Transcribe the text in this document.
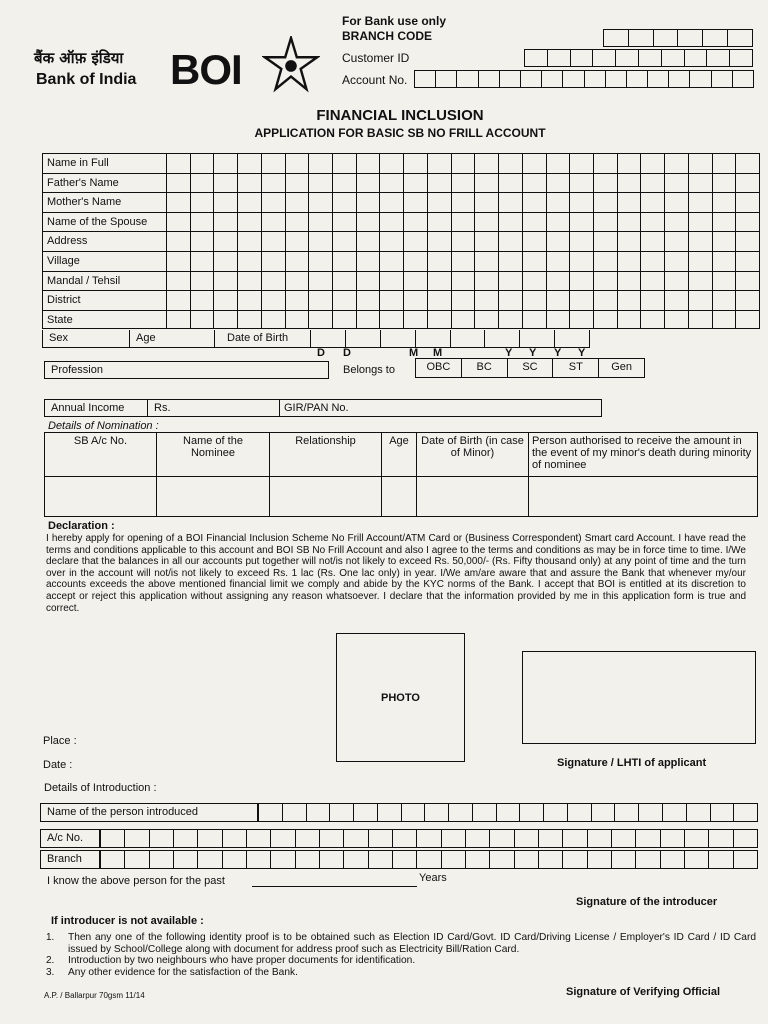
बैंक ऑफ़ इंडिया
Bank of India BOI
For Bank use only
BRANCH CODE
Customer ID
Account No.
FINANCIAL INCLUSION
APPLICATION FOR BASIC SB NO FRILL ACCOUNT
Name in Full
Father's Name
Mother's Name
Name of the Spouse
Address
Village
Mandal / Tehsil
District
State
Sex	Age	Date of Birth
D D	M M	Y Y Y Y
Profession	Belongs to	OBC	BC	SC	ST	Gen
Annual Income	Rs.	GIR/PAN No.
Details of Nomination :
SB A/c No.	Name of the Nominee	Relationship	Age	Date of Birth (in case of Minor)	Person authorised to receive the amount in the event of my minor's death during minority of nominee

Declaration :
I hereby apply for opening of a BOI Financial Inclusion Scheme No Frill Account/ATM Card or (Business Correspondent) Smart card Account. I have read the terms and conditions applicable to this account and BOI SB No Frill Account and also I agree to the terms and conditions as may be in force time to time. I/We declare that the balances in all our accounts put together will not/is not likely to exceed Rs. 50,000/- (Rs. Fifty thousand only) at any point of time and the turn over in the account will not/is not likely to exceed Rs. 1 lac (Rs. One lac only) in year. I/We am/are aware that and assure the Bank that whenever my/our accounts exceeds the above mentioned financial limit we comply and abide by the KYC norms of the Bank. I accept that BOI is entitled at its discretion to accept or reject this application without assigning any reason whatsoever. I declare that the information provided by me in this application form is true and correct.
PHOTO
Place :
Date :	Signature / LHTI of applicant
Details of Introduction :
Name of the person introduced
A/c No.
Branch
I know the above person for the past	Years
Signature of the introducer
If introducer is not available :
1.	Then any one of the following identity proof is to be obtained such as Election ID Card/Govt. ID Card/Driving License / Employer's ID Card / ID Card issued by School/College along with document for address proof such as Electricity Bill/Ration Card.
2.	Introduction by two neighbours who have proper documents for identification.
3.	Any other evidence for the satisfaction of the Bank.
A.P. / Ballarpur 70gsm 11/14	Signature of Verifying Official
